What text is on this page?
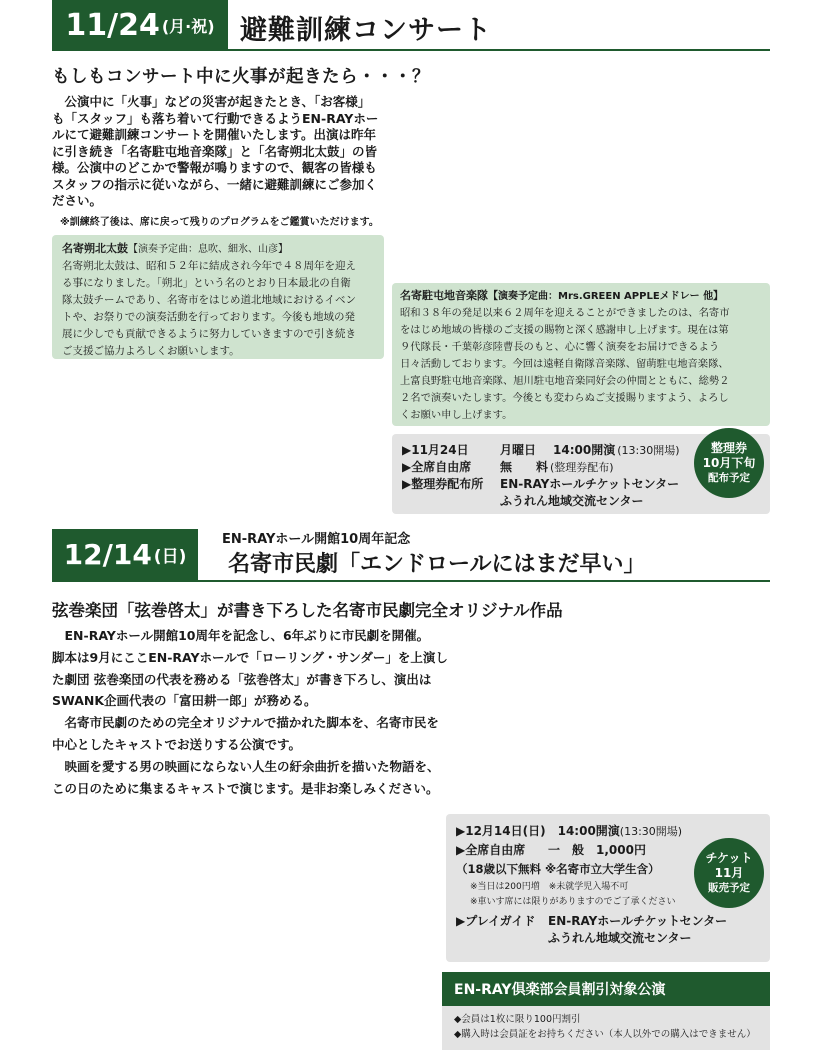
11/24 (月·祝) 避難訓練コンサート
もしもコンサート中に火事が起きたら・・・？
　公演中に「火事」などの災害が起きたとき、「お客様」
も「スタッフ」も落ち着いて行動できるようEN-RAYホー
ルにて避難訓練コンサートを開催いたします。出演は昨年
に引き続き「名寄駐屯地音楽隊」と「名寄朔北太鼓」の皆
様。公演中のどこかで警報が鳴りますので、観客の皆様も
スタッフの指示に従いながら、一緒に避難訓練にご参加く
ださい。
※訓練終了後は、席に戻って残りのプログラムをご鑑賞いただけます。
名寄朔北太鼓【演奏予定曲：息吹、細氷、山彦】
名寄朔北太鼓は、昭和５２年に結成され今年で４８周年を迎え
る事になりました。「朔北」という名のとおり日本最北の自衛
隊太鼓チームであり、名寄市をはじめ道北地域におけるイベン
トや、お祭りでの演奏活動を行っております。今後も地域の発
展に少しでも貢献できるように努力していきますので引き続き
ご支援ご協力よろしくお願いします。
名寄駐屯地音楽隊【演奏予定曲：Mrs.GREEN APPLEメドレー 他】
昭和３８年の発足以来６２周年を迎えることができましたのは、名寄市
をはじめ地域の皆様のご支援の賜物と深く感謝申し上げます。現在は第
９代隊長・千葉彰彦陸曹長のもと、心に響く演奏をお届けできるよう
日々活動しております。今回は遠軽自衛隊音楽隊、留萌駐屯地音楽隊、
上富良野駐屯地音楽隊、旭川駐屯地音楽同好会の仲間とともに、総勢２
２名で演奏いたします。今後とも変わらぬご支援賜りますよう、よろし
くお願い申し上げます。
▶11月24日	月曜日	14:00開演 (13:30開場)
▶全席自由席	無　　料 (整理券配布)
▶整理券配布所	EN-RAYホールチケットセンター
ふうれん地域交流センター
整理券
10月下旬
配布予定
12/14 (日)
EN-RAYホール開館10周年記念
名寄市民劇「エンドロールにはまだ早い」
弦巻楽団「弦巻啓太」が書き下ろした名寄市民劇完全オリジナル作品
　EN-RAYホール開館10周年を記念し、6年ぶりに市民劇を開催。
脚本は9月にここEN-RAYホールで「ローリング・サンダー」を上演し
た劇団 弦巻楽団の代表を務める「弦巻啓太」が書き下ろし、演出は
SWANK企画代表の「富田耕一郎」が務める。
　名寄市民劇のための完全オリジナルで描かれた脚本を、名寄市民を
中心としたキャストでお送りする公演です。
　映画を愛する男の映画にならない人生の紆余曲折を描いた物語を、
この日のために集まるキャストで演じます。是非お楽しみください。
▶12月14日(日)　14:00開演 (13:30開場)
▶全席自由席	一　般　1,000円
（18歳以下無料 ※名寄市立大学生含）
※当日は200円増　※未就学児入場不可
※車いす席には限りがありますのでご了承ください
▶プレイガイド	EN-RAYホールチケットセンター
ふうれん地域交流センター
チケット
11月
販売予定
EN-RAY倶楽部会員割引対象公演
◆会員は1枚に限り100円割引
◆購入時は会員証をお持ちください（本人以外での購入はできません）
